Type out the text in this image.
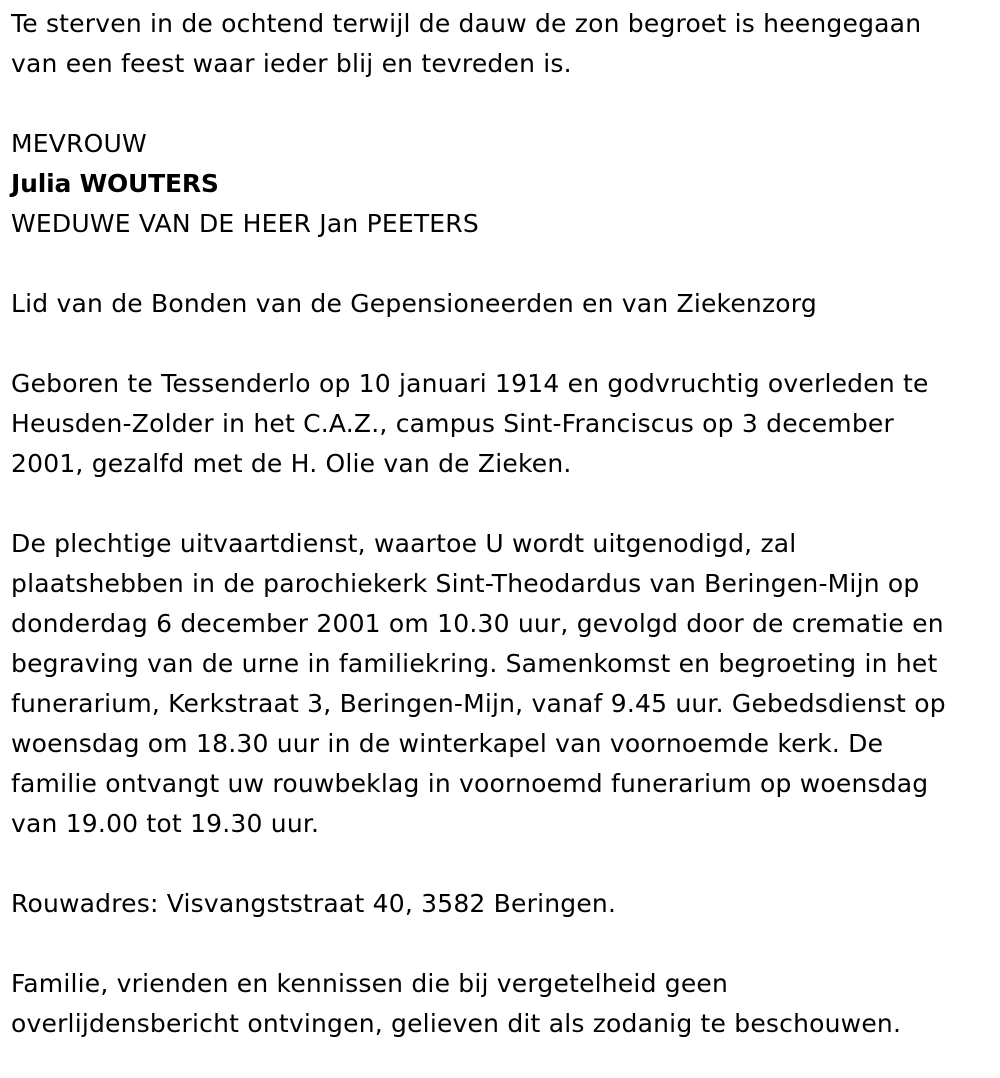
Te sterven in de ochtend terwijl de dauw de zon begroet is heengegaan

van een feest waar ieder blij en tevreden is.

MEVROUW

Julia WOUTERS

WEDUWE VAN DE HEER Jan PEETERS

Lid van de Bonden van de Gepensioneerden en van Ziekenzorg

Geboren te Tessenderlo op 10 januari 1914 en godvruchtig overleden te

Heusden-Zolder in het C.A.Z., campus Sint-Franciscus op 3 december

2001, gezalfd met de H. Olie van de Zieken.

De plechtige uitvaartdienst, waartoe U wordt uitgenodigd, zal

plaatshebben in de parochiekerk Sint-Theodardus van Beringen-Mijn op

donderdag 6 december 2001 om 10.30 uur, gevolgd door de crematie en

begraving van de urne in familiekring. Samenkomst en begroeting in het

funerarium, Kerkstraat 3, Beringen-Mijn, vanaf 9.45 uur. Gebedsdienst op

woensdag om 18.30 uur in de winterkapel van voornoemde kerk. De

familie ontvangt uw rouwbeklag in voornoemd funerarium op woensdag

van 19.00 tot 19.30 uur.

Rouwadres: Visvangststraat 40, 3582 Beringen.

Familie, vrienden en kennissen die bij vergetelheid geen

overlijdensbericht ontvingen, gelieven dit als zodanig te beschouwen.
